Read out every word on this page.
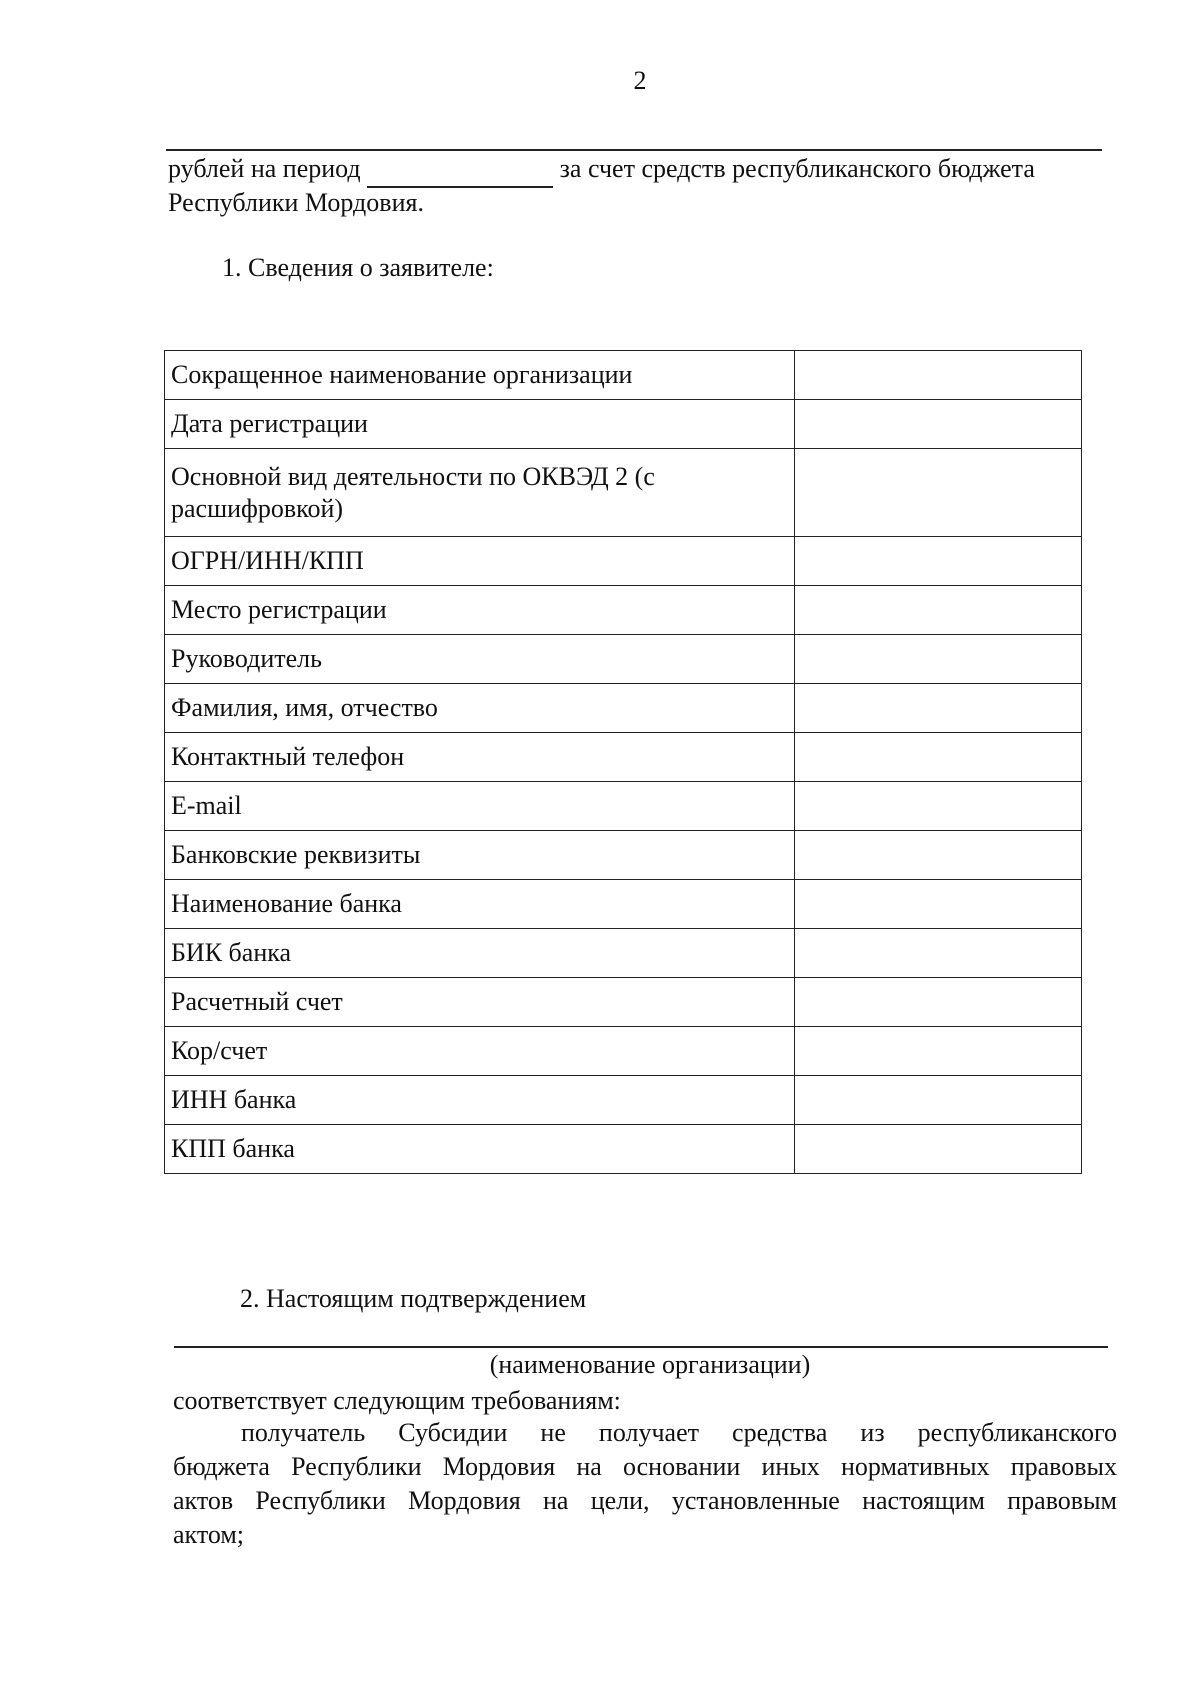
2
рублей на период	за счет средств республиканского бюджета
Республики Мордовия.
1. Сведения о заявителе:
Сокращенное наименование организации	
Дата регистрации	
Основной вид деятельности по ОКВЭД 2 (с расшифровкой)	
ОГРН/ИНН/КПП	
Место регистрации	
Руководитель	
Фамилия, имя, отчество	
Контактный телефон	
E-mail	
Банковские реквизиты	
Наименование банка	
БИК банка	
Расчетный счет	
Кор/счет	
ИНН банка	
КПП банка	
2. Настоящим подтверждением
(наименование организации)
соответствует следующим требованиям:
получатель Субсидии не получает средства из республиканского
бюджета Республики Мордовия на основании иных нормативных правовых
актов Республики Мордовия на цели, установленные настоящим правовым
актом;
